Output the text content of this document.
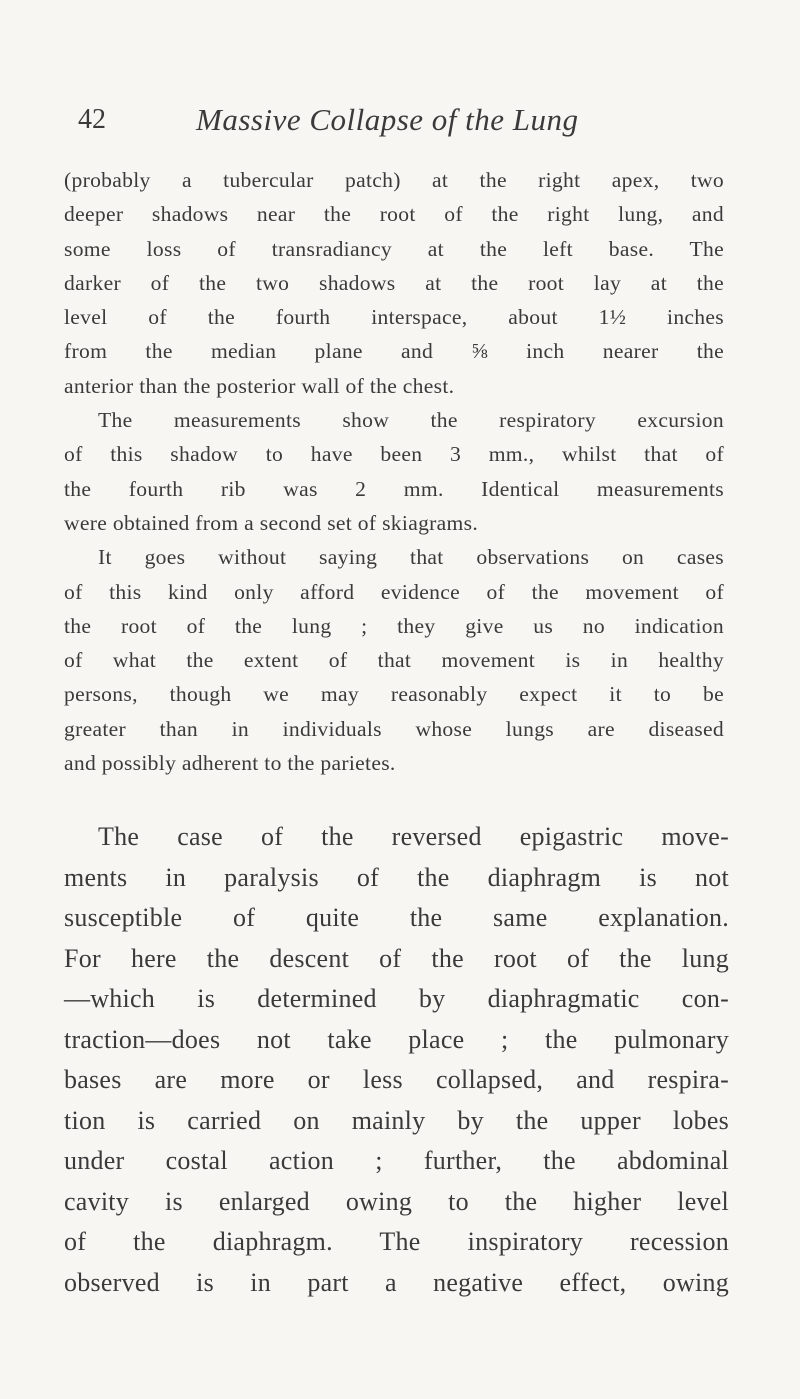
42	Massive Collapse of the Lung
(probably a tubercular patch) at the right apex, two
deeper shadows near the root of the right lung, and
some loss of transradiancy at the left base. The
darker of the two shadows at the root lay at the
level of the fourth interspace, about 1½ inches
from the median plane and ⅝ inch nearer the
anterior than the posterior wall of the chest.
The measurements show the respiratory excursion
of this shadow to have been 3 mm., whilst that of
the fourth rib was 2 mm. Identical measurements
were obtained from a second set of skiagrams.
It goes without saying that observations on cases
of this kind only afford evidence of the movement of
the root of the lung ; they give us no indication
of what the extent of that movement is in healthy
persons, though we may reasonably expect it to be
greater than in individuals whose lungs are diseased
and possibly adherent to the parietes.
The case of the reversed epigastric move-
ments in paralysis of the diaphragm is not
susceptible of quite the same explanation.
For here the descent of the root of the lung
—which is determined by diaphragmatic con-
traction—does not take place ; the pulmonary
bases are more or less collapsed, and respira-
tion is carried on mainly by the upper lobes
under costal action ; further, the abdominal
cavity is enlarged owing to the higher level
of the diaphragm. The inspiratory recession
observed is in part a negative effect, owing
